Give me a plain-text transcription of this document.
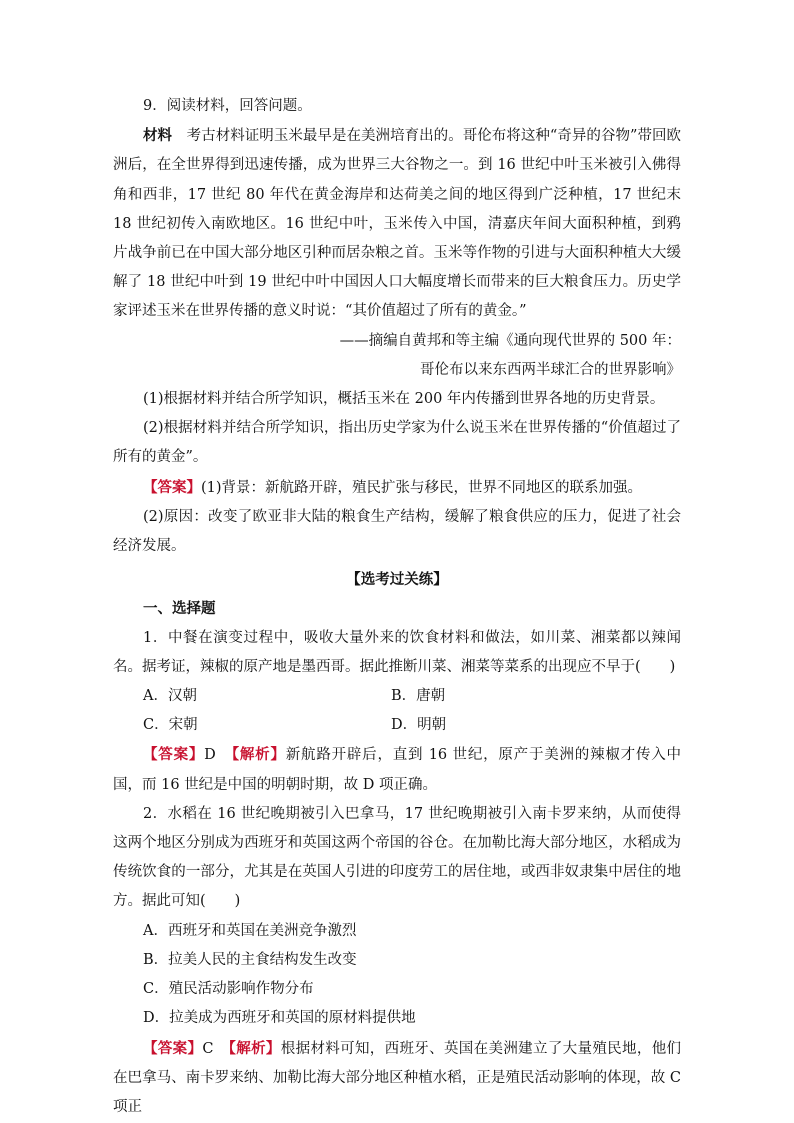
9．阅读材料，回答问题。

材料　 考古材料证明玉米最早是在美洲培育出的。哥伦布将这种“奇异的谷物”带回欧洲后，在全世界得到迅速传播，成为世界三大谷物之一。到 16 世纪中叶玉米被引入佛得角和西非，17 世纪 80 年代在黄金海岸和达荷美之间的地区得到广泛种植，17 世纪末 18 世纪初传入南欧地区。16 世纪中叶，玉米传入中国，清嘉庆年间大面积种植，到鸦片战争前已在中国大部分地区引种而居杂粮之首。玉米等作物的引进与大面积种植大大缓解了 18 世纪中叶到 19 世纪中叶中国因人口大幅度增长而带来的巨大粮食压力。历史学家评述玉米在世界传播的意义时说：“其价值超过了所有的黄金。”

——摘编自黄邦和等主编《通向现代世界的 500 年：

哥伦布以来东西两半球汇合的世界影响》

(1)根据材料并结合所学知识，概括玉米在 200 年内传播到世界各地的历史背景。

(2)根据材料并结合所学知识，指出历史学家为什么说玉米在世界传播的“价值超过了所有的黄金”。

【答案】(1)背景：新航路开辟，殖民扩张与移民，世界不同地区的联系加强。

(2)原因：改变了欧亚非大陆的粮食生产结构，缓解了粮食供应的压力，促进了社会经济发展。

【选考过关练】

一、选择题

1．中餐在演变过程中，吸收大量外来的饮食材料和做法，如川菜、湘菜都以辣闻名。据考证，辣椒的原产地是墨西哥。据此推断川菜、湘菜等菜系的出现应不早于(　　)

A．汉朝	B．唐朝
C．宋朝	D．明朝

【答案】D　 【解析】新航路开辟后，直到 16 世纪，原产于美洲的辣椒才传入中国，而 16 世纪是中国的明朝时期，故 D 项正确。

2．水稻在 16 世纪晚期被引入巴拿马，17 世纪晚期被引入南卡罗来纳，从而使得这两个地区分别成为西班牙和英国这两个帝国的谷仓。在加勒比海大部分地区，水稻成为传统饮食的一部分，尤其是在英国人引进的印度劳工的居住地，或西非奴隶集中居住的地方。据此可知(　　)

A．西班牙和英国在美洲竞争激烈

B．拉美人民的主食结构发生改变

C．殖民活动影响作物分布

D．拉美成为西班牙和英国的原材料提供地

【答案】C　 【解析】根据材料可知，西班牙、英国在美洲建立了大量殖民地，他们在巴拿马、南卡罗来纳、加勒比海大部分地区种植水稻，正是殖民活动影响的体现，故 C 项正
